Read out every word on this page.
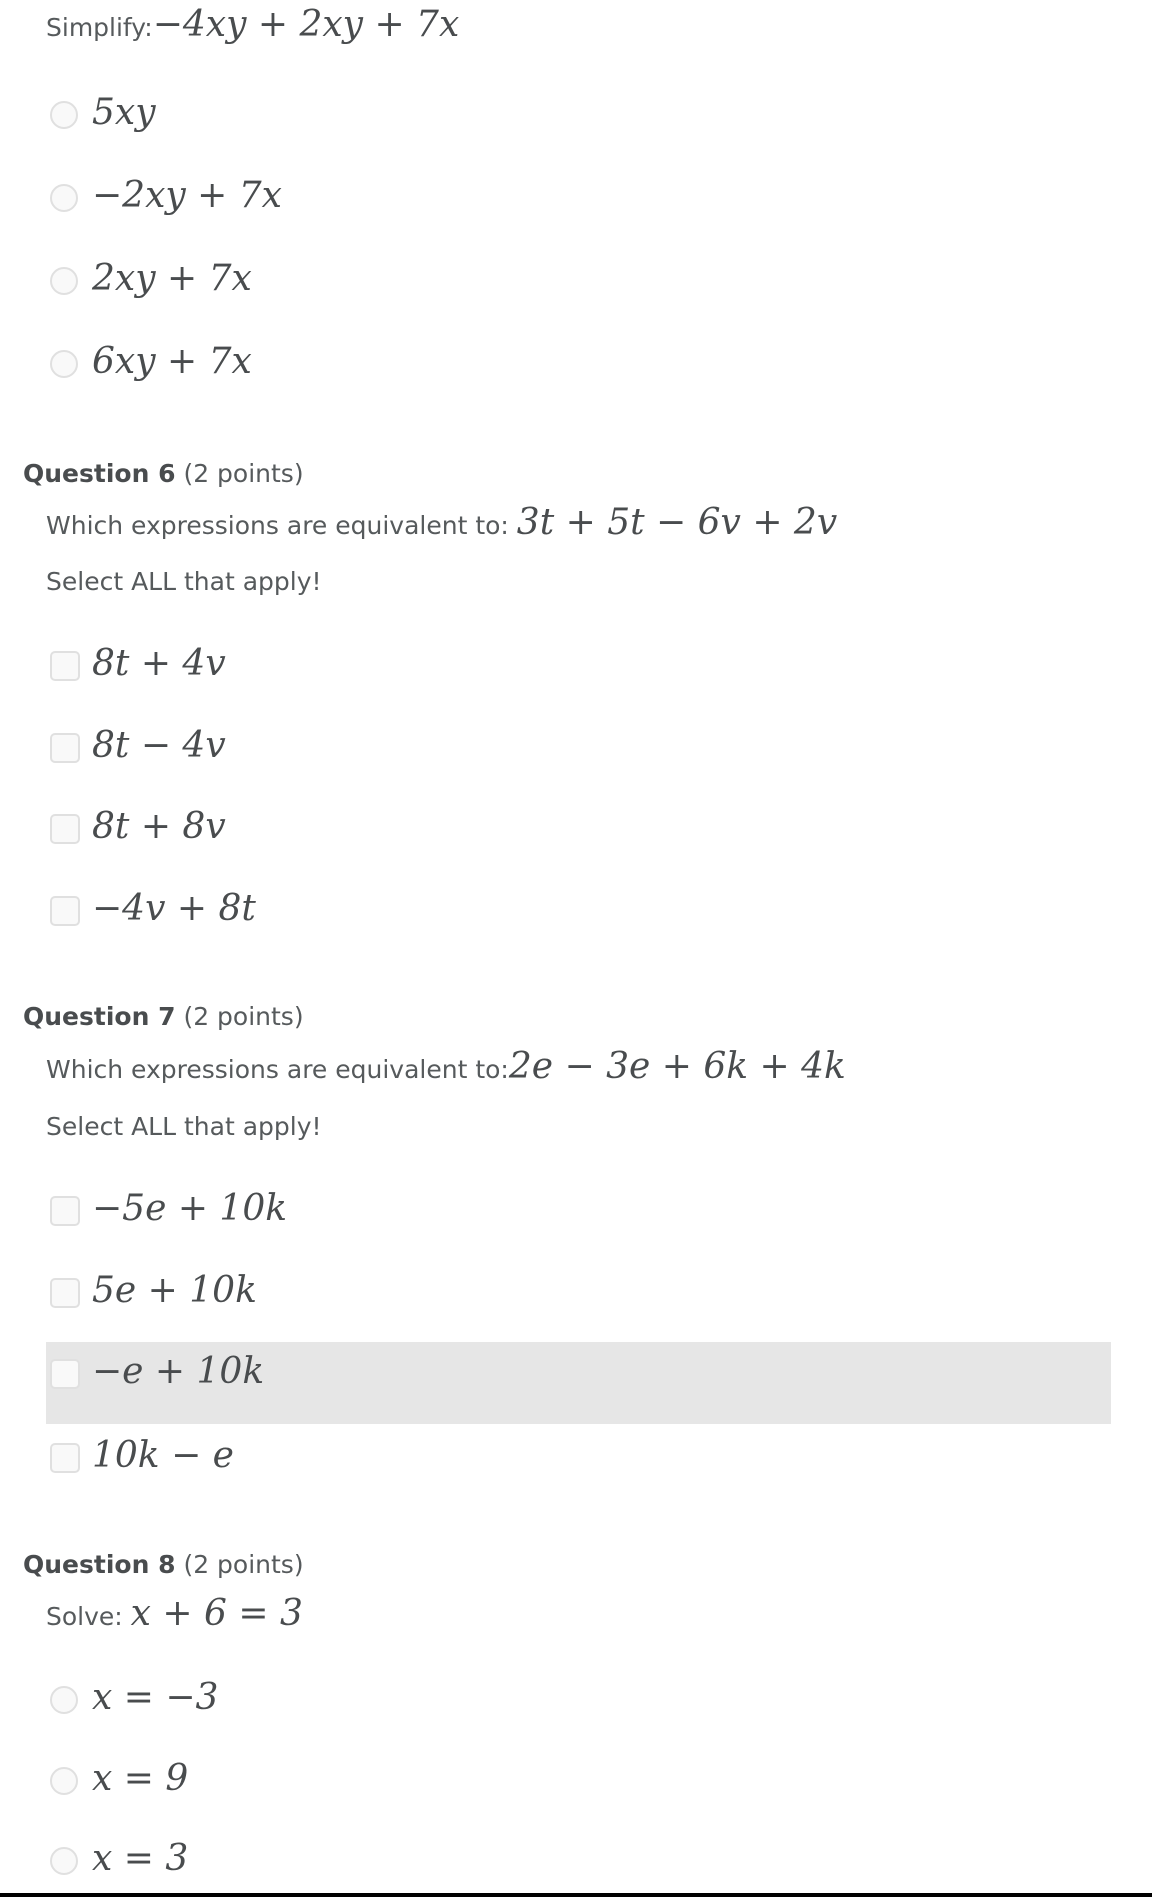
Simplify:−4xy + 2xy + 7x
5xy
−2xy + 7x
2xy + 7x
6xy + 7x
Question 6 (2 points)
Which expressions are equivalent to: 3t + 5t − 6v + 2v
Select ALL that apply!
8t + 4v
8t − 4v
8t + 8v
−4v + 8t
Question 7 (2 points)
Which expressions are equivalent to:2e − 3e + 6k + 4k
Select ALL that apply!
−5e + 10k
5e + 10k
−e + 10k
10k − e
Question 8 (2 points)
Solve: x + 6 = 3
x = −3
x = 9
x = 3
